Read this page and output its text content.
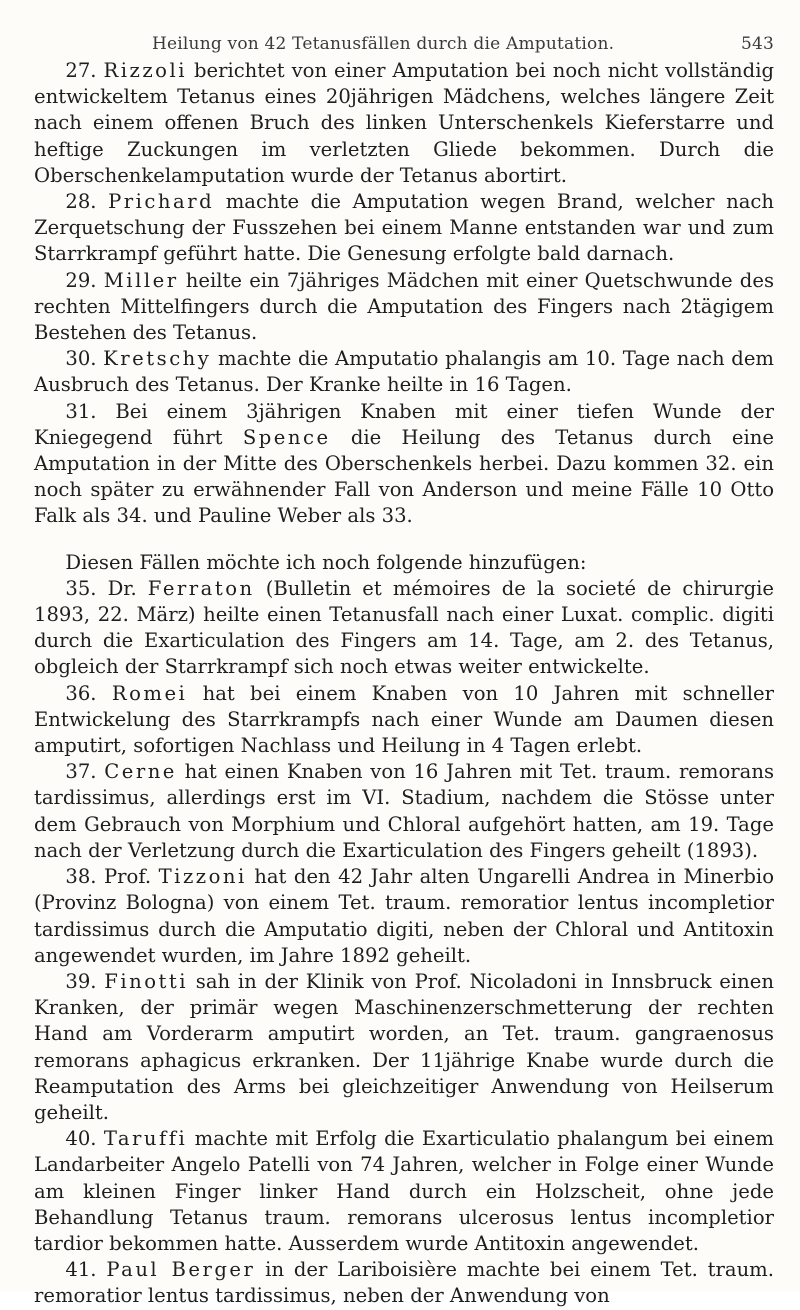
Heilung von 42 Tetanusfällen durch die Amputation.	543

27. Rizzoli berichtet von einer Amputation bei noch nicht vollständig entwickeltem Tetanus eines 20jährigen Mädchens, welches längere Zeit nach einem offenen Bruch des linken Unterschenkels Kieferstarre und heftige Zuckungen im verletzten Gliede bekommen. Durch die Oberschenkelamputation wurde der Tetanus abortirt.

28. Prichard machte die Amputation wegen Brand, welcher nach Zerquetschung der Fusszehen bei einem Manne entstanden war und zum Starrkrampf geführt hatte. Die Genesung erfolgte bald darnach.

29. Miller heilte ein 7jähriges Mädchen mit einer Quetschwunde des rechten Mittelfingers durch die Amputation des Fingers nach 2tägigem Bestehen des Tetanus.

30. Kretschy machte die Amputatio phalangis am 10. Tage nach dem Ausbruch des Tetanus. Der Kranke heilte in 16 Tagen.

31. Bei einem 3jährigen Knaben mit einer tiefen Wunde der Kniegegend führt Spence die Heilung des Tetanus durch eine Amputation in der Mitte des Oberschenkels herbei. Dazu kommen 32. ein noch später zu erwähnender Fall von Anderson und meine Fälle 10 Otto Falk als 34. und Pauline Weber als 33.

Diesen Fällen möchte ich noch folgende hinzufügen:

35. Dr. Ferraton (Bulletin et mémoires de la societé de chirurgie 1893, 22. März) heilte einen Tetanusfall nach einer Luxat. complic. digiti durch die Exarticulation des Fingers am 14. Tage, am 2. des Tetanus, obgleich der Starrkrampf sich noch etwas weiter entwickelte.

36. Romei hat bei einem Knaben von 10 Jahren mit schneller Entwickelung des Starrkrampfs nach einer Wunde am Daumen diesen amputirt, sofortigen Nachlass und Heilung in 4 Tagen erlebt.

37. Cerne hat einen Knaben von 16 Jahren mit Tet. traum. remorans tardissimus, allerdings erst im VI. Stadium, nachdem die Stösse unter dem Gebrauch von Morphium und Chloral aufgehört hatten, am 19. Tage nach der Verletzung durch die Exarticulation des Fingers geheilt (1893).

38. Prof. Tizzoni hat den 42 Jahr alten Ungarelli Andrea in Minerbio (Provinz Bologna) von einem Tet. traum. remoratior lentus incompletior tardissimus durch die Amputatio digiti, neben der Chloral und Antitoxin angewendet wurden, im Jahre 1892 geheilt.

39. Finotti sah in der Klinik von Prof. Nicoladoni in Innsbruck einen Kranken, der primär wegen Maschinenzerschmetterung der rechten Hand am Vorderarm amputirt worden, an Tet. traum. gangraenosus remorans aphagicus erkranken. Der 11jährige Knabe wurde durch die Reamputation des Arms bei gleichzeitiger Anwendung von Heilserum geheilt.

40. Taruffi machte mit Erfolg die Exarticulatio phalangum bei einem Landarbeiter Angelo Patelli von 74 Jahren, welcher in Folge einer Wunde am kleinen Finger linker Hand durch ein Holzscheit, ohne jede Behandlung Tetanus traum. remorans ulcerosus lentus incompletior tardior bekommen hatte. Ausserdem wurde Antitoxin angewendet.

41. Paul Berger in der Lariboisière machte bei einem Tet. traum. remoratior lentus tardissimus, neben der Anwendung von
